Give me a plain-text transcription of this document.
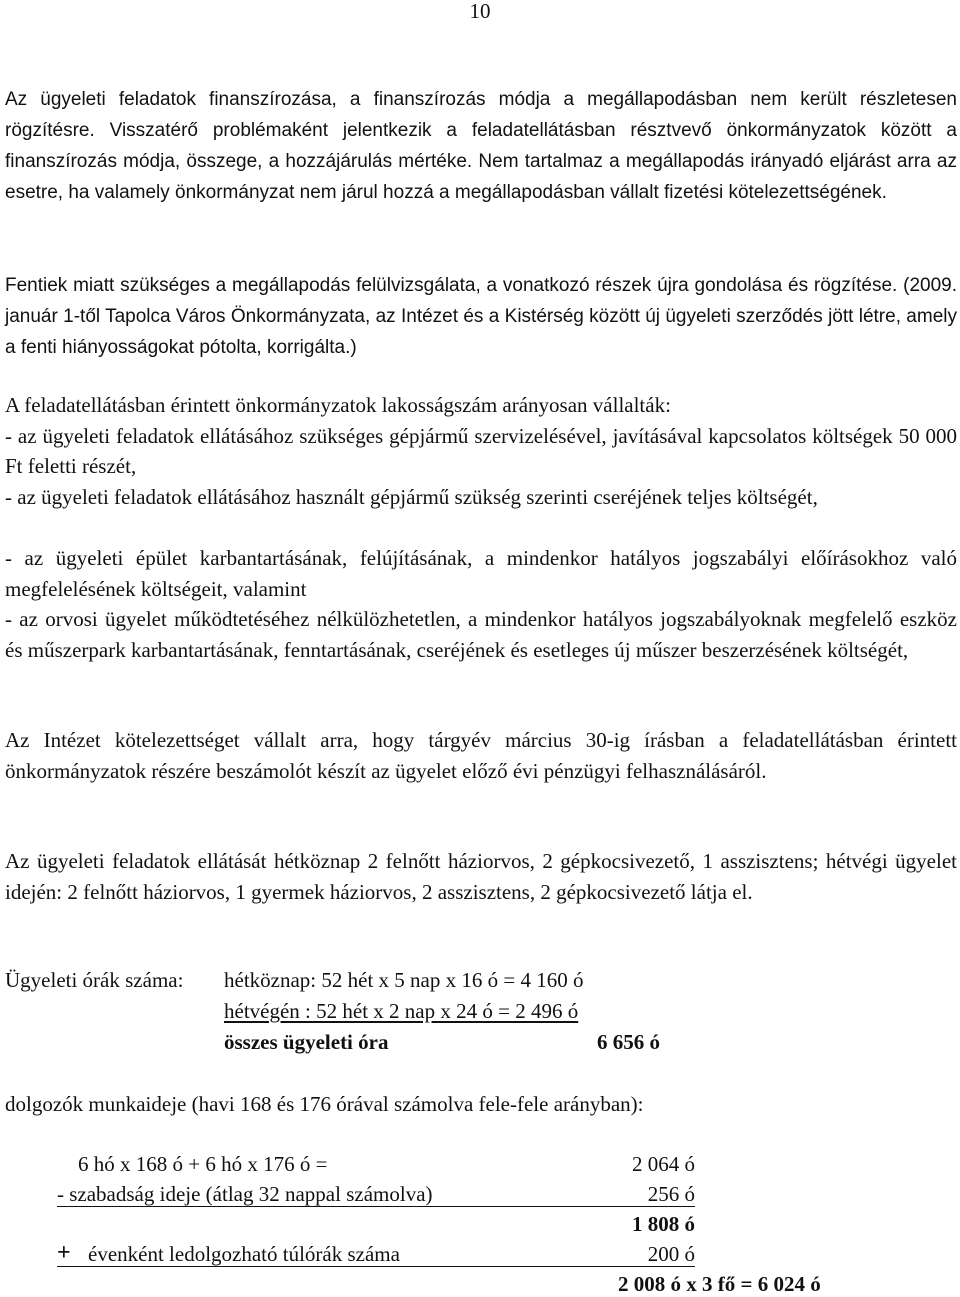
10

Az ügyeleti feladatok finanszírozása, a finanszírozás módja a megállapodásban nem került részletesen rögzítésre. Visszatérő problémaként jelentkezik a feladatellátásban résztvevő önkormányzatok között a finanszírozás módja, összege, a hozzájárulás mértéke. Nem tartalmaz a megállapodás irányadó eljárást arra az esetre, ha valamely önkormányzat nem járul hozzá a megállapodásban vállalt fizetési kötelezettségének.

Fentiek miatt szükséges a megállapodás felülvizsgálata, a vonatkozó részek újra gondolása és rögzítése. (2009. január 1-től Tapolca Város Önkormányzata, az Intézet és a Kistérség között új ügyeleti szerződés jött létre, amely a fenti hiányosságokat pótolta, korrigálta.)

A feladatellátásban érintett önkormányzatok lakosságszám arányosan vállalták:

- az ügyeleti feladatok ellátásához szükséges gépjármű szervizelésével, javításával kapcsolatos költségek 50 000 Ft feletti részét,

- az ügyeleti feladatok ellátásához használt gépjármű szükség szerinti cseréjének teljes költségét,

- az ügyeleti épület karbantartásának, felújításának, a mindenkor hatályos jogszabályi előírásokhoz való megfelelésének költségeit, valamint

- az orvosi ügyelet működtetéséhez nélkülözhetetlen, a mindenkor hatályos jogszabályoknak megfelelő eszköz és műszerpark karbantartásának, fenntartásának, cseréjének és esetleges új műszer beszerzésének költségét,

Az Intézet kötelezettséget vállalt arra, hogy tárgyév március 30-ig írásban a feladatellátásban érintett önkormányzatok részére beszámolót készít az ügyelet előző évi pénzügyi felhasználásáról.

Az ügyeleti feladatok ellátását hétköznap 2 felnőtt háziorvos, 2 gépkocsivezető, 1 asszisztens; hétvégi ügyelet idején: 2 felnőtt háziorvos, 1 gyermek háziorvos, 2 asszisztens, 2 gépkocsivezető látja el.

Ügyeleti órák száma: hétköznap: 52 hét x 5 nap x 16 ó = 4 160 ó
hétvégén : 52 hét x 2 nap x 24 ó = 2 496 ó
összes ügyeleti óra	6 656 ó
dolgozók munkaideje (havi 168 és 176 órával számolva fele-fele arányban):
6 hó x 168 ó + 6 hó x 176 ó =	2 064 ó
- szabadság ideje (átlag 32 nappal számolva)	256 ó
1 808 ó
+ évenként ledolgozható túlórák száma	200 ó
2 008 ó x 3 fő = 6 024 ó
